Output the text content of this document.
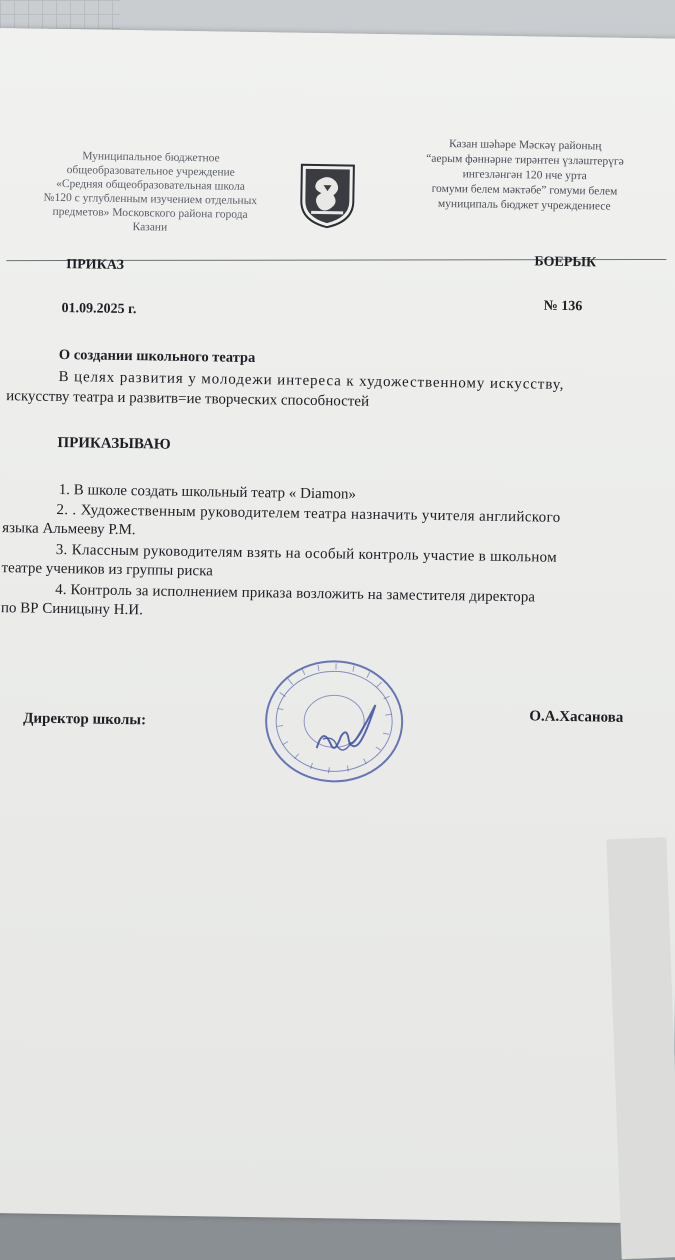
Муниципальное бюджетное
общеобразовательное учреждение
«Средняя общеобразовательная школа
№120 с углубленным изучением отдельных
предметов» Московского района города
Казани
Казан шәһәре Мәскәү районың
“аерым фәннәрне тирәнтен үзләштерүгә
ингезләнгән 120 нче урта
гомуми белем мәктәбе” гомуми белем
муниципаль бюджет учреждениесе
ПРИКАЗ	БОЕРЫК
01.09.2025 г.	№ 136
О создании школьного театра
В целях развития у молодежи интереса к художественному искусству,
искусству театра и развитв=ие творческих способностей
ПРИКАЗЫВАЮ
1. В школе создать школьный театр « Diamon»
2. . Художественным руководителем театра назначить учителя английского
языка Альмееву Р.М.
3. Классным руководителям взять на особый контроль участие в школьном
театре учеников из группы риска
4. Контроль за исполнением приказа возложить на заместителя директора
по ВР Синицыну Н.И.
Директор школы:	О.А.Хасанова
